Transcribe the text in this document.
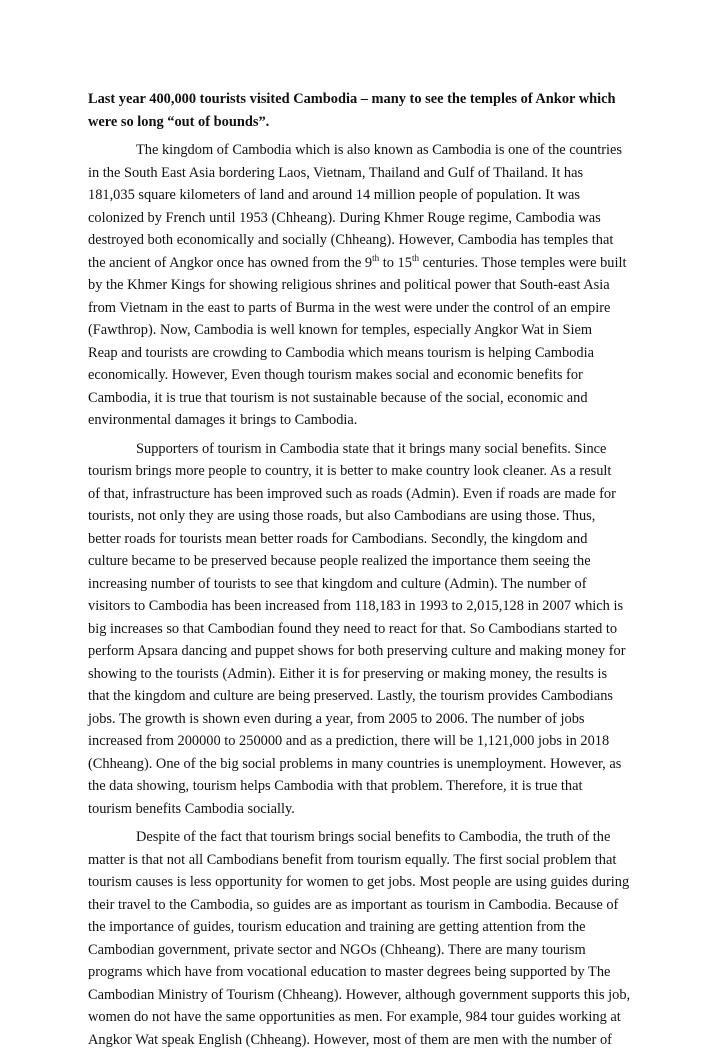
Last year 400,000 tourists visited Cambodia – many to see the temples of Ankor which
were so long “out of bounds”.
The kingdom of Cambodia which is also known as Cambodia is one of the countries
in the South East Asia bordering Laos, Vietnam, Thailand and Gulf of Thailand. It has
181,035 square kilometers of land and around 14 million people of population. It was
colonized by French until 1953 (Chheang). During Khmer Rouge regime, Cambodia was
destroyed both economically and socially (Chheang). However, Cambodia has temples that
the ancient of Angkor once has owned from the 9th to 15th centuries. Those temples were built
by the Khmer Kings for showing religious shrines and political power that South-east Asia
from Vietnam in the east to parts of Burma in the west were under the control of an empire
(Fawthrop). Now, Cambodia is well known for temples, especially Angkor Wat in Siem
Reap and tourists are crowding to Cambodia which means tourism is helping Cambodia
economically. However, Even though tourism makes social and economic benefits for
Cambodia, it is true that tourism is not sustainable because of the social, economic and
environmental damages it brings to Cambodia.
Supporters of tourism in Cambodia state that it brings many social benefits. Since
tourism brings more people to country, it is better to make country look cleaner. As a result
of that, infrastructure has been improved such as roads (Admin). Even if roads are made for
tourists, not only they are using those roads, but also Cambodians are using those. Thus,
better roads for tourists mean better roads for Cambodians. Secondly, the kingdom and
culture became to be preserved because people realized the importance them seeing the
increasing number of tourists to see that kingdom and culture (Admin). The number of
visitors to Cambodia has been increased from 118,183 in 1993 to 2,015,128 in 2007 which is
big increases so that Cambodian found they need to react for that. So Cambodians started to
perform Apsara dancing and puppet shows for both preserving culture and making money for
showing to the tourists (Admin). Either it is for preserving or making money, the results is
that the kingdom and culture are being preserved. Lastly, the tourism provides Cambodians
jobs. The growth is shown even during a year, from 2005 to 2006. The number of jobs
increased from 200000 to 250000 and as a prediction, there will be 1,121,000 jobs in 2018
(Chheang). One of the big social problems in many countries is unemployment. However, as
the data showing, tourism helps Cambodia with that problem. Therefore, it is true that
tourism benefits Cambodia socially.
Despite of the fact that tourism brings social benefits to Cambodia, the truth of the
matter is that not all Cambodians benefit from tourism equally. The first social problem that
tourism causes is less opportunity for women to get jobs. Most people are using guides during
their travel to the Cambodia, so guides are as important as tourism in Cambodia. Because of
the importance of guides, tourism education and training are getting attention from the
Cambodian government, private sector and NGOs (Chheang). There are many tourism
programs which have from vocational education to master degrees being supported by The
Cambodian Ministry of Tourism (Chheang). However, although government supports this job,
women do not have the same opportunities as men. For example, 984 tour guides working at
Angkor Wat speak English (Chheang). However, most of them are men with the number of
